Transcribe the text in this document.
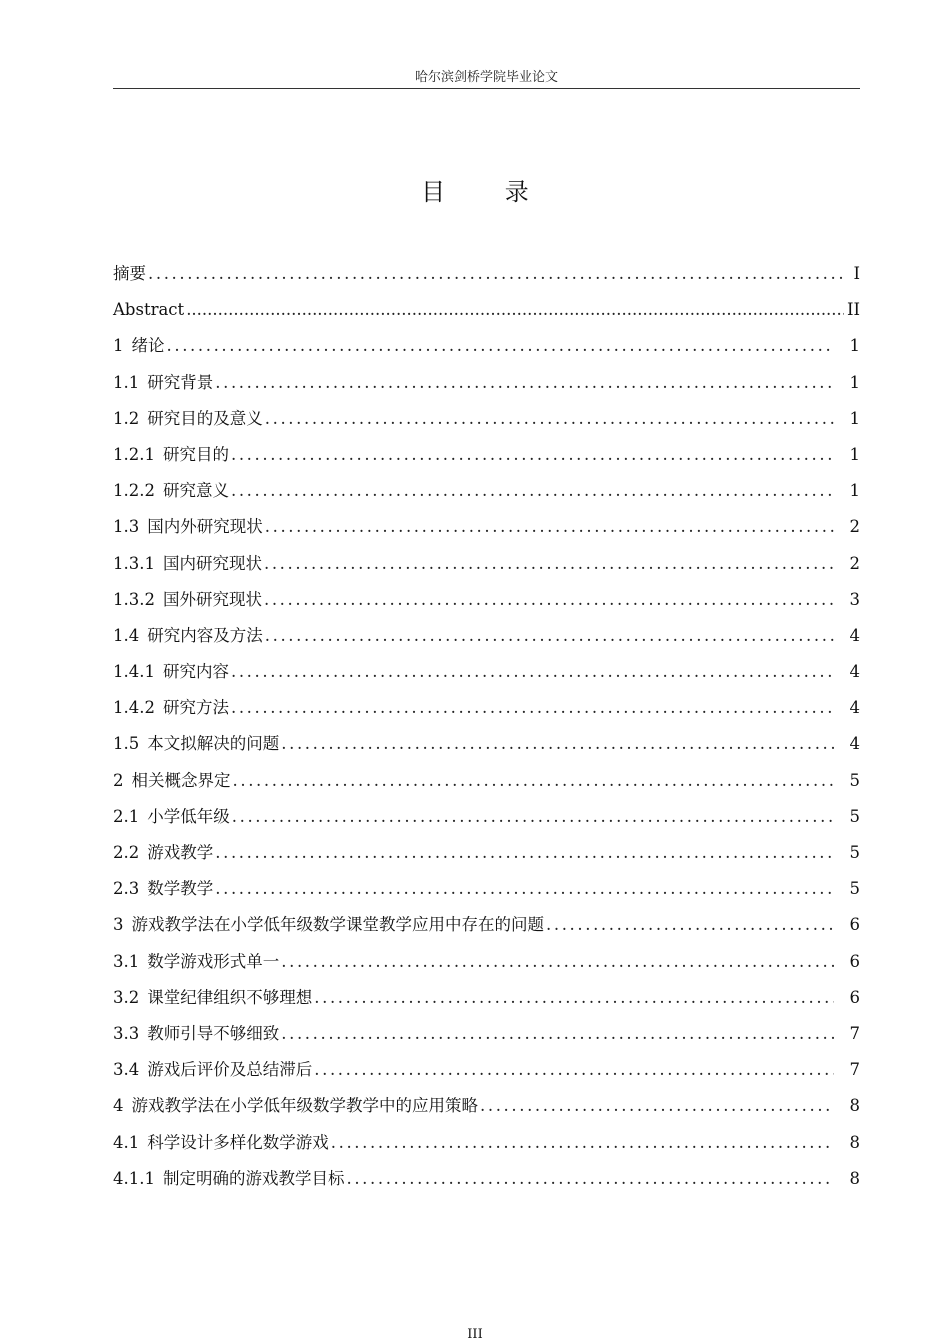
哈尔滨剑桥学院毕业论文
目 录
摘要 .....	I
Abstract .....	II
1 绪论 .....	1
1.1 研究背景 .....	1
1.2 研究目的及意义 .....	1
1.2.1 研究目的 .....	1
1.2.2 研究意义 .....	1
1.3 国内外研究现状 .....	2
1.3.1 国内研究现状 .....	2
1.3.2 国外研究现状 .....	3
1.4 研究内容及方法 .....	4
1.4.1 研究内容 .....	4
1.4.2 研究方法 .....	4
1.5 本文拟解决的问题 .....	4
2 相关概念界定 .....	5
2.1 小学低年级 .....	5
2.2 游戏教学 .....	5
2.3 数学教学 .....	5
3 游戏教学法在小学低年级数学课堂教学应用中存在的问题 .....	6
3.1 数学游戏形式单一 .....	6
3.2 课堂纪律组织不够理想 .....	6
3.3 教师引导不够细致 .....	7
3.4 游戏后评价及总结滞后 .....	7
4 游戏教学法在小学低年级数学教学中的应用策略 .....	8
4.1 科学设计多样化数学游戏 .....	8
4.1.1 制定明确的游戏教学目标 .....	8
III
